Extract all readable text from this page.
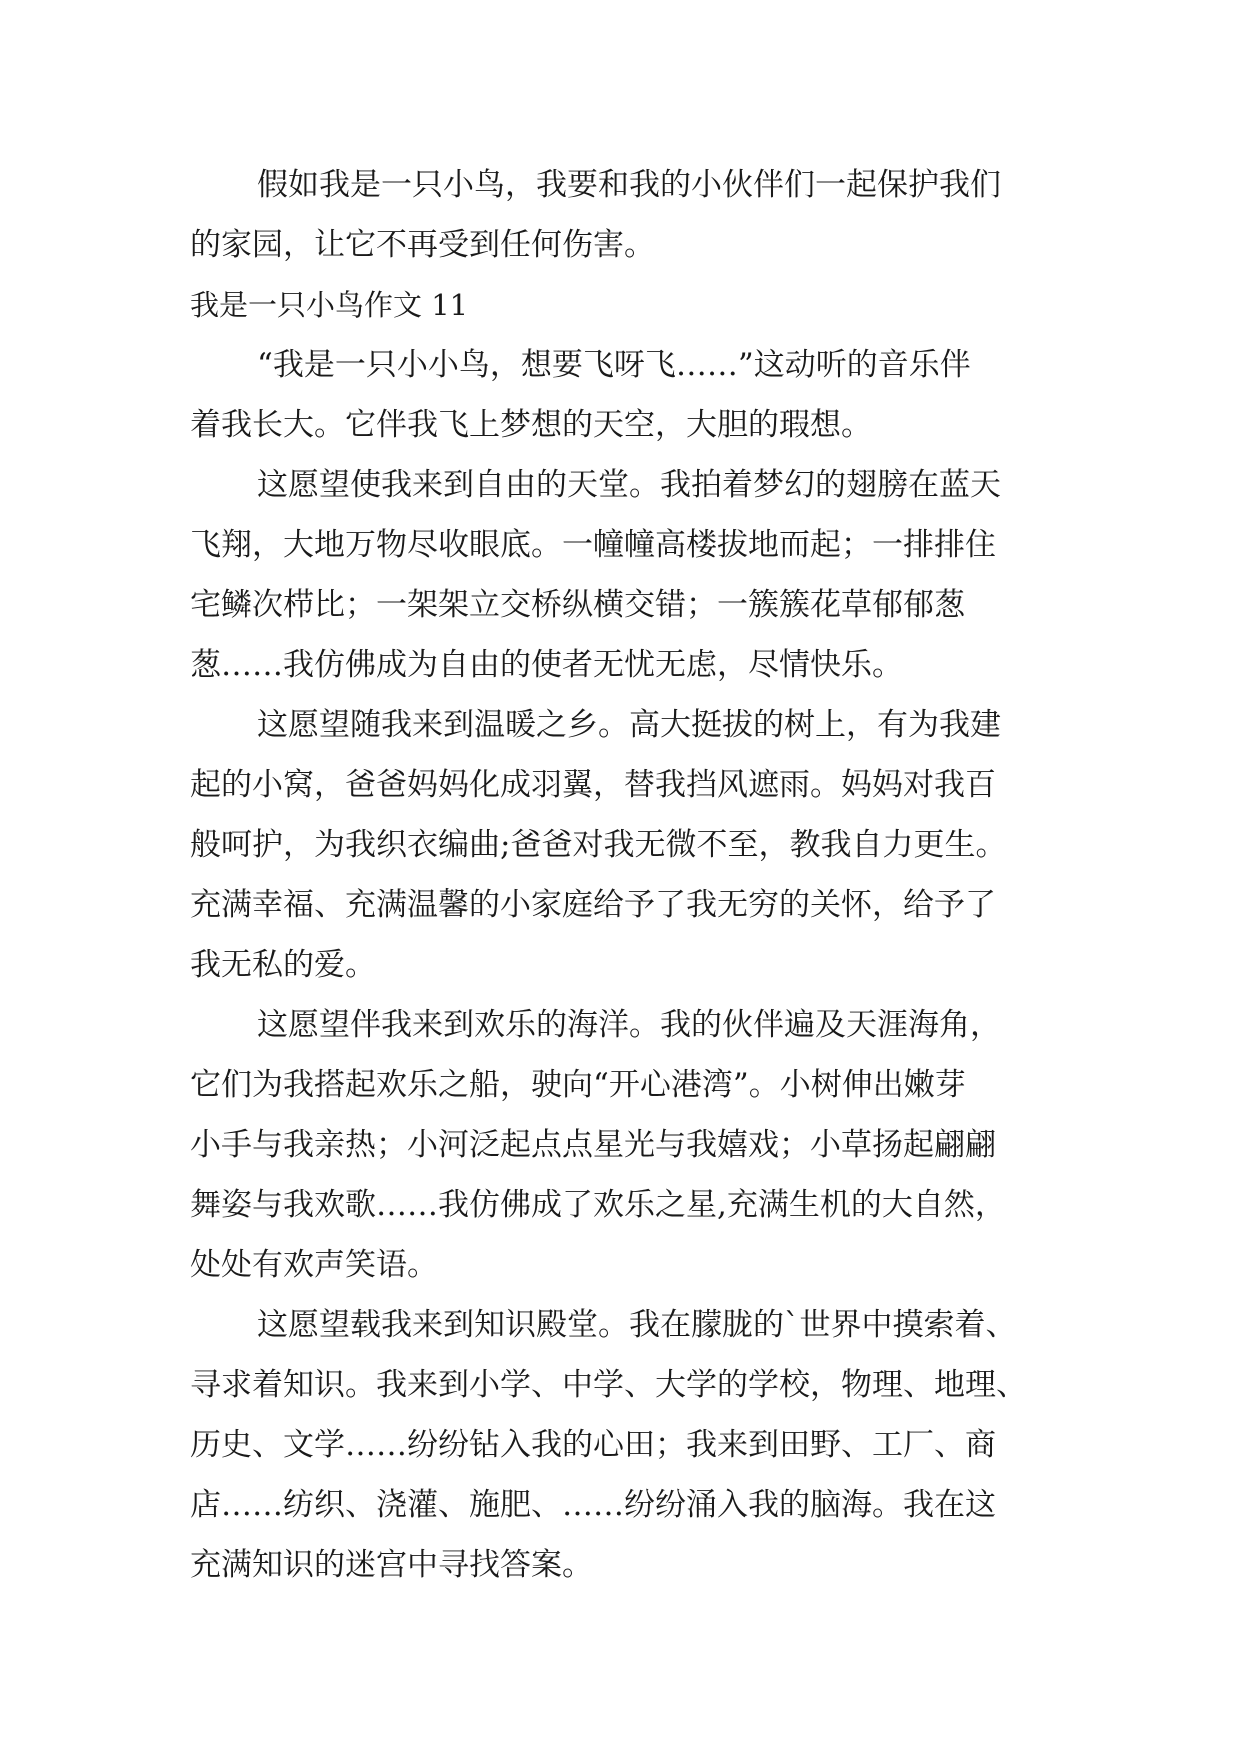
假如我是一只小鸟，我要和我的小伙伴们一起保护我们
的家园，让它不再受到任何伤害。
我是一只小鸟作文 11
“我是一只小小鸟，想要飞呀飞……”这动听的音乐伴
着我长大。它伴我飞上梦想的天空，大胆的瑕想。
这愿望使我来到自由的天堂。我拍着梦幻的翅膀在蓝天
飞翔，大地万物尽收眼底。一幢幢高楼拔地而起；一排排住
宅鳞次栉比；一架架立交桥纵横交错；一簇簇花草郁郁葱
葱……我仿佛成为自由的使者无忧无虑，尽情快乐。
这愿望随我来到温暖之乡。高大挺拔的树上，有为我建
起的小窝，爸爸妈妈化成羽翼，替我挡风遮雨。妈妈对我百
般呵护，为我织衣编曲;爸爸对我无微不至，教我自力更生。
充满幸福、充满温馨的小家庭给予了我无穷的关怀，给予了
我无私的爱。
这愿望伴我来到欢乐的海洋。我的伙伴遍及天涯海角，
它们为我搭起欢乐之船，驶向“开心港湾”。小树伸出嫩芽
小手与我亲热；小河泛起点点星光与我嬉戏；小草扬起翩翩
舞姿与我欢歌……我仿佛成了欢乐之星,充满生机的大自然，
处处有欢声笑语。
这愿望载我来到知识殿堂。我在朦胧的`世界中摸索着、
寻求着知识。我来到小学、中学、大学的学校，物理、地理、
历史、文学……纷纷钻入我的心田；我来到田野、工厂、商
店……纺织、浇灌、施肥、……纷纷涌入我的脑海。我在这
充满知识的迷宫中寻找答案。
